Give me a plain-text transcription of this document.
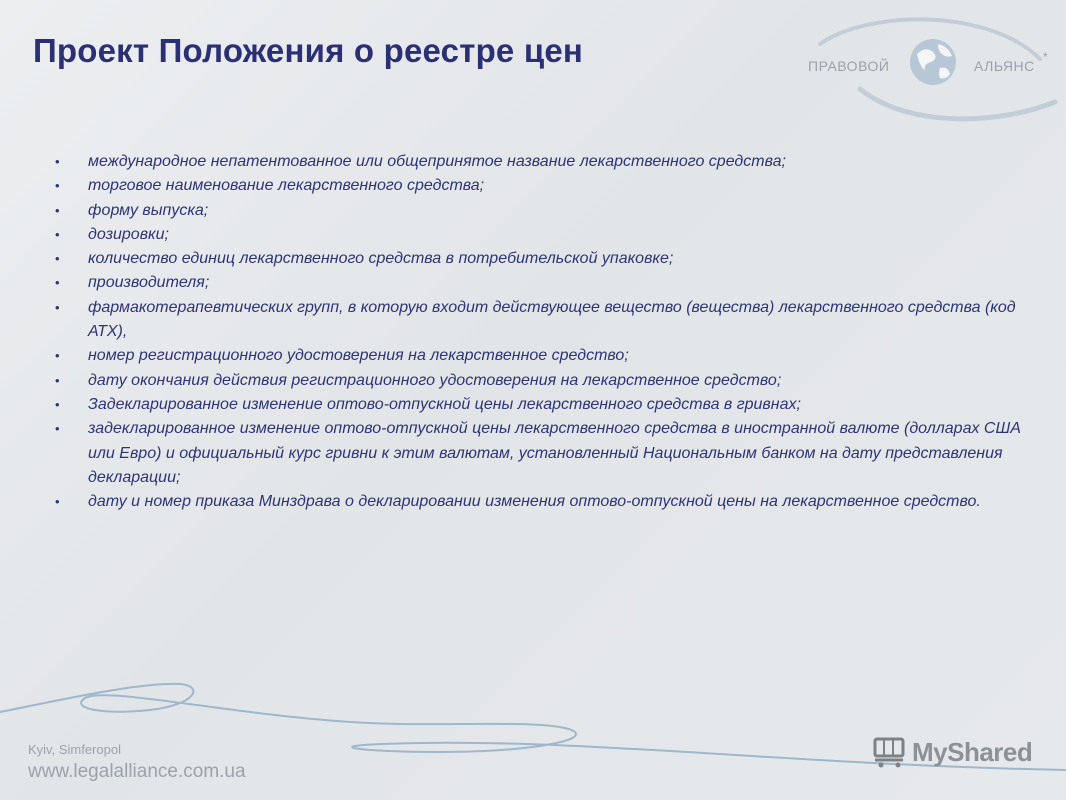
Проект Положения о реестре цен	ПРАВОВОЙ	АЛЬЯНС
*
• международное непатентованное или общепринятое название лекарственного средства;
• торговое наименование лекарственного средства;
• форму выпуска;
• дозировки;
• количество единиц лекарственного средства в потребительской упаковке;
• производителя;
• фармакотерапевтических групп, в которую входит действующее вещество (вещества) лекарственного средства (код АТХ),
• номер регистрационного удостоверения на лекарственное средство;
• дату окончания действия регистрационного удостоверения на лекарственное средство;
• Задекларированное изменение оптово-отпускной цены лекарственного средства в гривнах;
• задекларированное изменение оптово-отпускной цены лекарственного средства в иностранной валюте (долларах США или Евро) и официальный курс гривни к этим валютам, установленный Национальным банком на дату представления декларации;
• дату и номер приказа Минздрава о декларировании изменения оптово-отпускной цены на лекарственное средство.
Kyiv, Simferopol
www.legalalliance.com.ua
MyShared
